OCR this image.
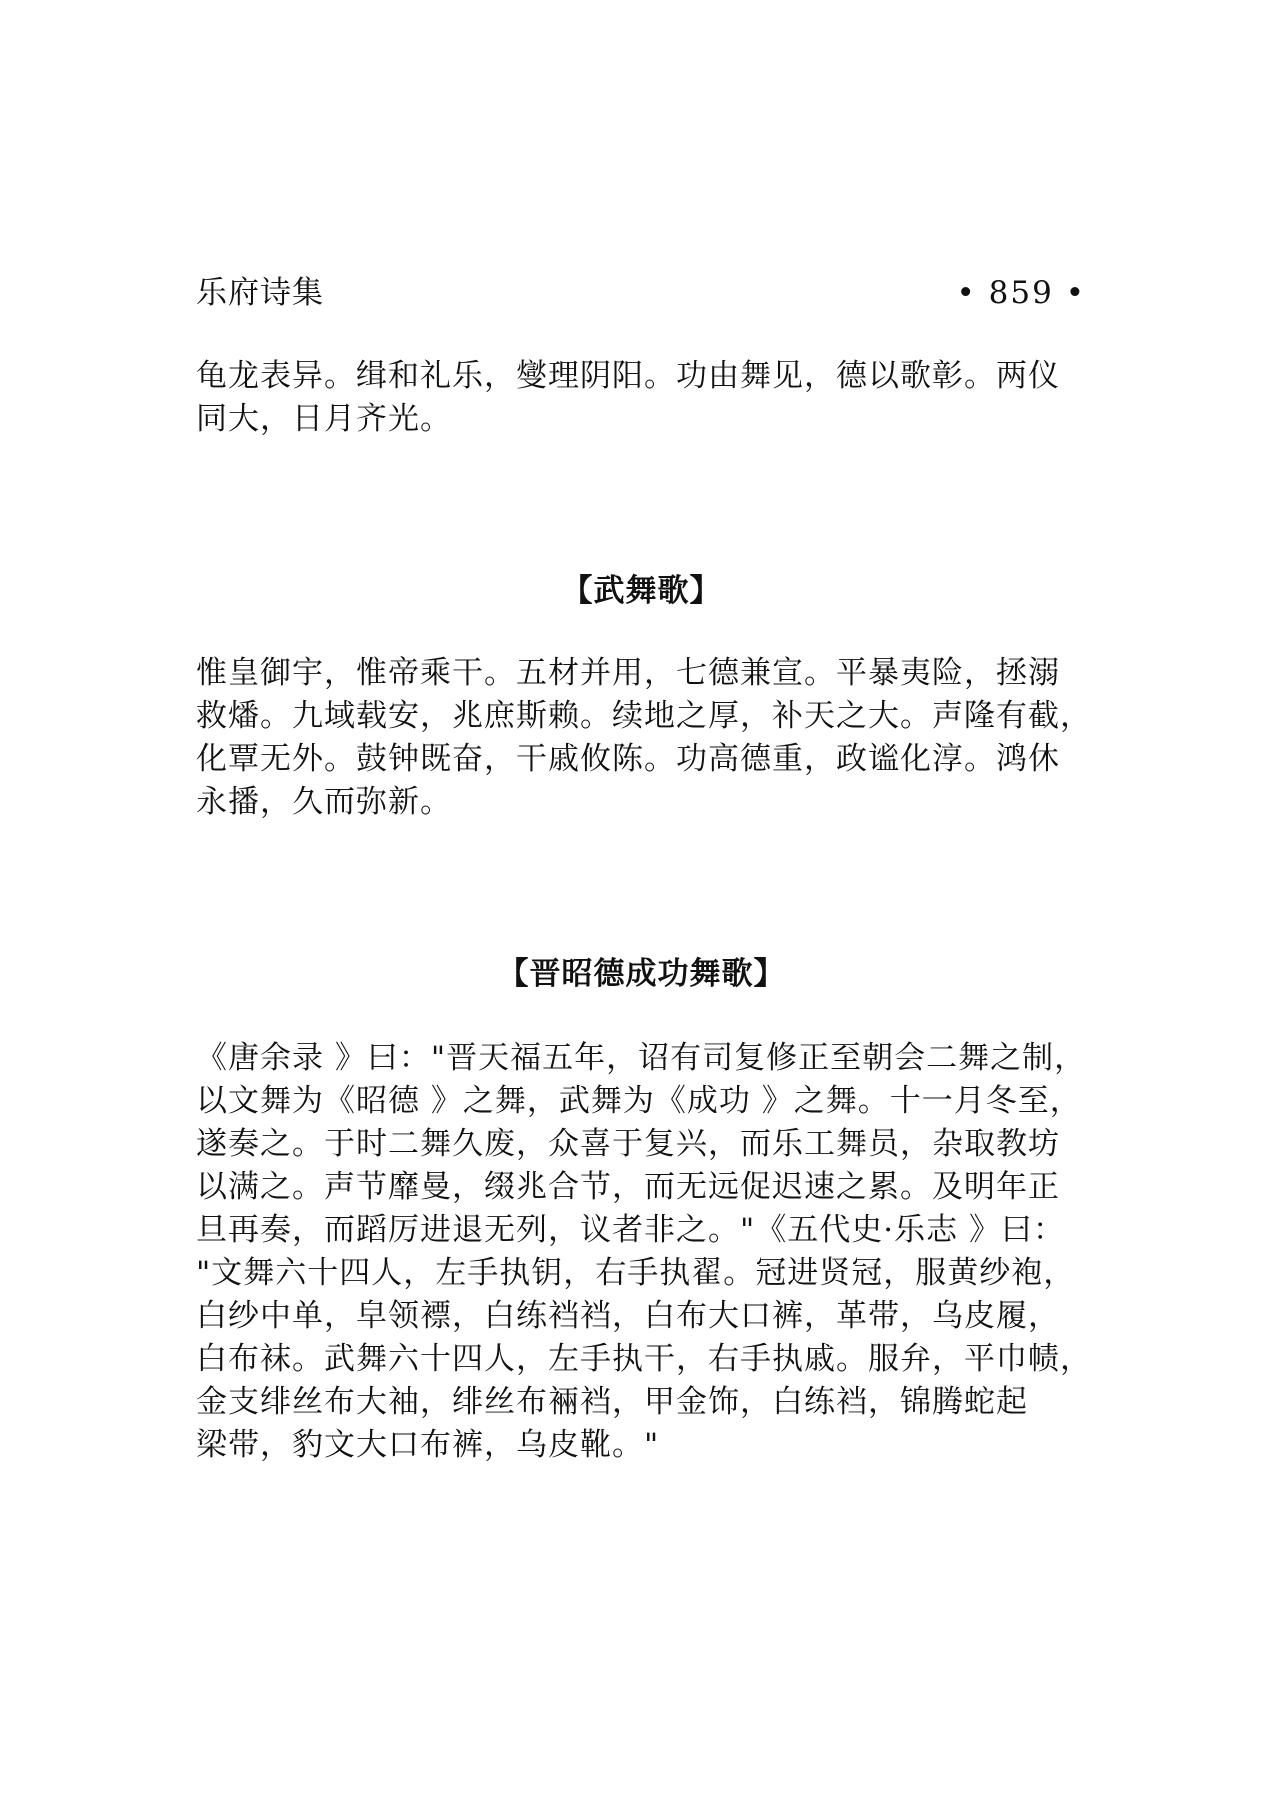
乐府诗集	• 859 •

龟龙表异。缉和礼乐，燮理阴阳。功由舞见，德以歌彰。两仪
同大，日月齐光。

【武舞歌】

惟皇御宇，惟帝乘干。五材并用，七德兼宣。平暴夷险，拯溺
救燔。九域载安，兆庶斯赖。续地之厚，补天之大。声隆有截，
化覃无外。鼓钟既奋，干戚攸陈。功高德重，政谧化淳。鸿休
永播，久而弥新。

【晋昭德成功舞歌】

《唐余录 》曰："晋天福五年，诏有司复修正至朝会二舞之制，
以文舞为《昭德 》之舞，武舞为《成功 》之舞。十一月冬至，
遂奏之。于时二舞久废，众喜于复兴，而乐工舞员，杂取教坊
以满之。声节靡曼，缀兆合节，而无远促迟速之累。及明年正
旦再奏，而蹈厉进退无列，议者非之。"《五代史·乐志 》曰：
"文舞六十四人，左手执钥，右手执翟。冠进贤冠，服黄纱袍，
白纱中单，皁领褾，白练裆裆，白布大口裤，革带，乌皮履，
白布袜。武舞六十四人，左手执干，右手执戚。服弁，平巾帻，
金支绯丝布大袖，绯丝布裲裆，甲金饰，白练裆，锦腾蛇起
梁带，豹文大口布裤，乌皮靴。"
